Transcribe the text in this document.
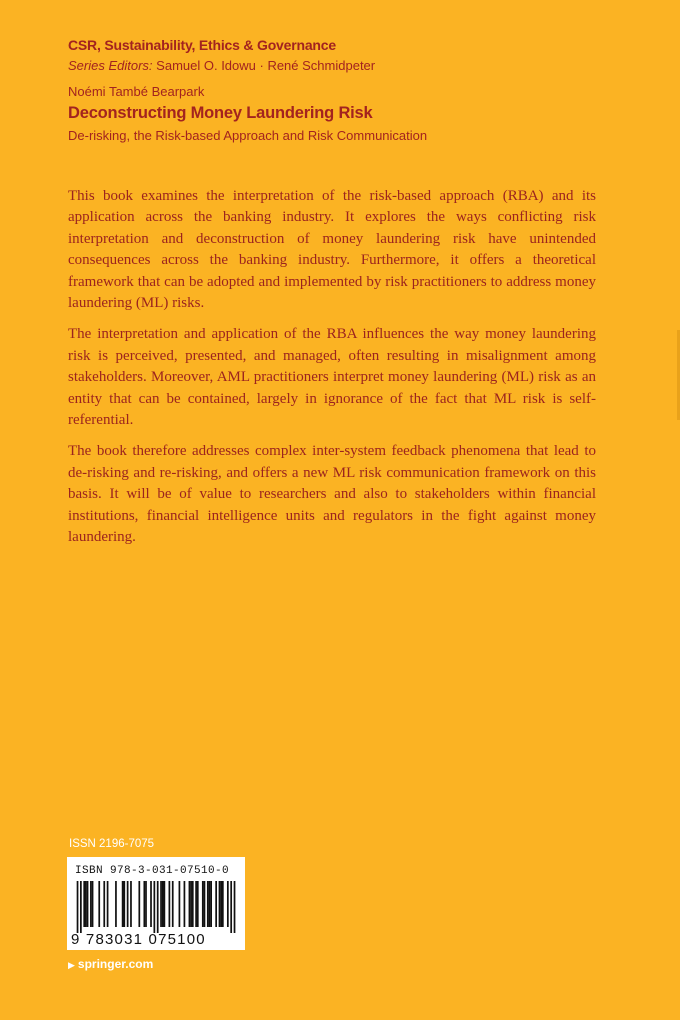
CSR, Sustainability, Ethics & Governance
Series Editors: Samuel O. Idowu · René Schmidpeter
Noémi També Bearpark
Deconstructing Money Laundering Risk
De-risking, the Risk-based Approach and Risk Communication

This book examines the interpretation of the risk-based approach (RBA) and its application across the banking industry. It explores the ways conflicting risk interpretation and deconstruction of money laundering risk have unintended consequences across the banking industry. Furthermore, it offers a theoretical framework that can be adopted and implemented by risk practitioners to address money laundering (ML) risks.

The interpretation and application of the RBA influences the way money laundering risk is perceived, presented, and managed, often resulting in misalignment among stakeholders. Moreover, AML practitioners interpret money laundering (ML) risk as an entity that can be contained, largely in ignorance of the fact that ML risk is self-referential.

The book therefore addresses complex inter-system feedback phenomena that lead to de-risking and re-risking, and offers a new ML risk communication framework on this basis. It will be of value to researchers and also to stakeholders within financial institutions, financial intelligence units and regulators in the fight against money laundering.

ISSN 2196-7075
ISBN 978-3-031-07510-0
9 783031 075100
▶ springer.com
